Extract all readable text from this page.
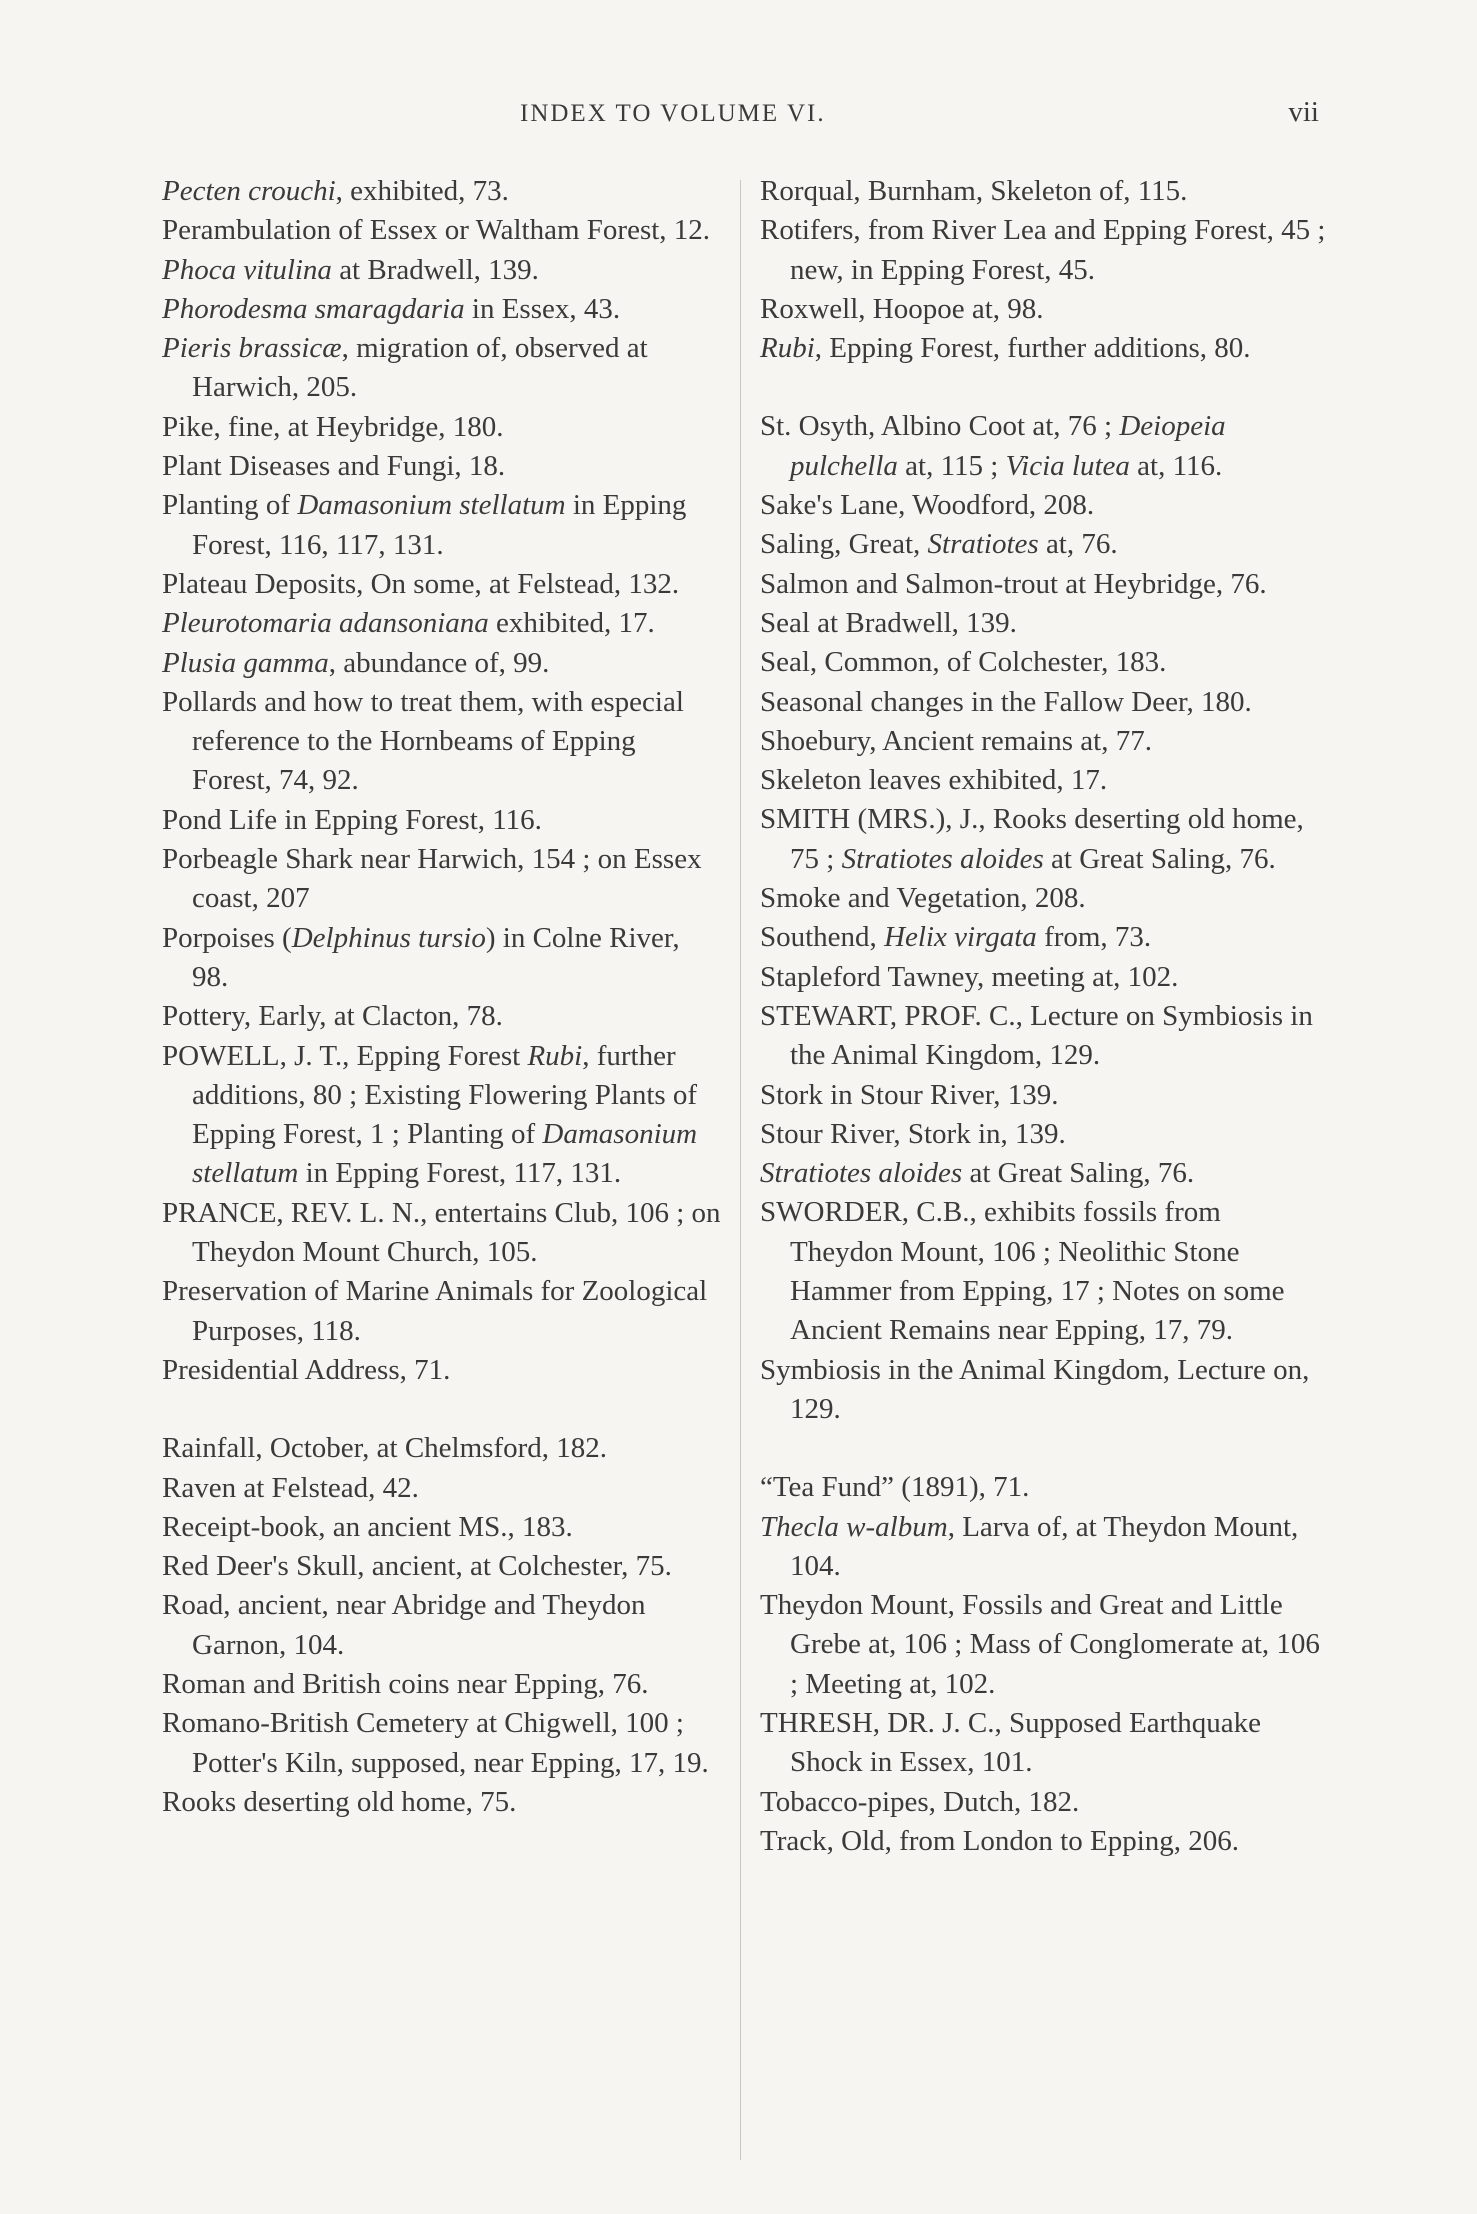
INDEX TO VOLUME VI.	vii
Pecten crouchi, exhibited, 73.
Perambulation of Essex or Waltham Forest, 12.
Phoca vitulina at Bradwell, 139.
Phorodesma smaragdaria in Essex, 43.
Pieris brassicæ, migration of, observed at Harwich, 205.
Pike, fine, at Heybridge, 180.
Plant Diseases and Fungi, 18.
Planting of Damasonium stellatum in Epping Forest, 116, 117, 131.
Plateau Deposits, On some, at Felstead, 132.
Pleurotomaria adansoniana exhibited, 17.
Plusia gamma, abundance of, 99.
Pollards and how to treat them, with especial reference to the Hornbeams of Epping Forest, 74, 92.
Pond Life in Epping Forest, 116.
Porbeagle Shark near Harwich, 154 ; on Essex coast, 207
Porpoises (Delphinus tursio) in Colne River, 98.
Pottery, Early, at Clacton, 78.
POWELL, J. T., Epping Forest Rubi, further additions, 80 ; Existing Flowering Plants of Epping Forest, 1 ; Planting of Damasonium stellatum in Epping Forest, 117, 131.
PRANCE, REV. L. N., entertains Club, 106 ; on Theydon Mount Church, 105.
Preservation of Marine Animals for Zoological Purposes, 118.
Presidential Address, 71.
Rainfall, October, at Chelmsford, 182.
Raven at Felstead, 42.
Receipt-book, an ancient MS., 183.
Red Deer's Skull, ancient, at Colchester, 75.
Road, ancient, near Abridge and Theydon Garnon, 104.
Roman and British coins near Epping, 76.
Romano-British Cemetery at Chigwell, 100 ; Potter's Kiln, supposed, near Epping, 17, 19.
Rooks deserting old home, 75.
Rorqual, Burnham, Skeleton of, 115.
Rotifers, from River Lea and Epping Forest, 45 ; new, in Epping Forest, 45.
Roxwell, Hoopoe at, 98.
Rubi, Epping Forest, further additions, 80.
St. Osyth, Albino Coot at, 76 ; Deiopeia pulchella at, 115 ; Vicia lutea at, 116.
Sake's Lane, Woodford, 208.
Saling, Great, Stratiotes at, 76.
Salmon and Salmon-trout at Heybridge, 76.
Seal at Bradwell, 139.
Seal, Common, of Colchester, 183.
Seasonal changes in the Fallow Deer, 180.
Shoebury, Ancient remains at, 77.
Skeleton leaves exhibited, 17.
SMITH (MRS.), J., Rooks deserting old home, 75 ; Stratiotes aloides at Great Saling, 76.
Smoke and Vegetation, 208.
Southend, Helix virgata from, 73.
Stapleford Tawney, meeting at, 102.
STEWART, PROF. C., Lecture on Symbiosis in the Animal Kingdom, 129.
Stork in Stour River, 139.
Stour River, Stork in, 139.
Stratiotes aloides at Great Saling, 76.
SWORDER, C.B., exhibits fossils from Theydon Mount, 106 ; Neolithic Stone Hammer from Epping, 17 ; Notes on some Ancient Remains near Epping, 17, 79.
Symbiosis in the Animal Kingdom, Lecture on, 129.
“Tea Fund” (1891), 71.
Thecla w-album, Larva of, at Theydon Mount, 104.
Theydon Mount, Fossils and Great and Little Grebe at, 106 ; Mass of Conglomerate at, 106 ; Meeting at, 102.
THRESH, DR. J. C., Supposed Earthquake Shock in Essex, 101.
Tobacco-pipes, Dutch, 182.
Track, Old, from London to Epping, 206.
